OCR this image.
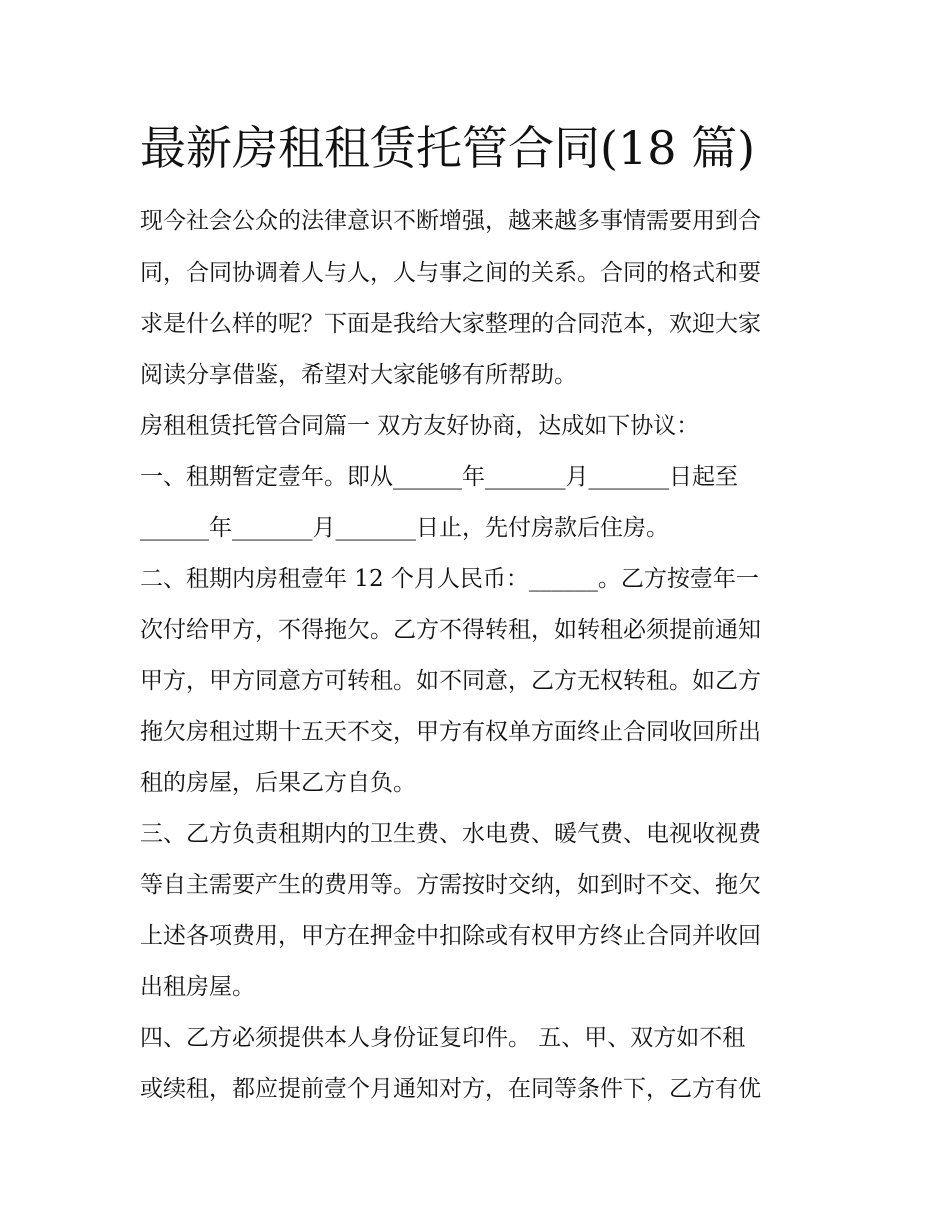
最新房租租赁托管合同(18 篇)

现今社会公众的法律意识不断增强，越来越多事情需要用到合

同，合同协调着人与人，人与事之间的关系。合同的格式和要

求是什么样的呢？下面是我给大家整理的合同范本，欢迎大家

阅读分享借鉴，希望对大家能够有所帮助。

房租租赁托管合同篇一 双方友好协商，达成如下协议：

一、租期暂定壹年。即从______年_______月_______日起至

______年_______月_______日止，先付房款后住房。

二、租期内房租壹年 12 个月人民币：______。乙方按壹年一

次付给甲方，不得拖欠。乙方不得转租，如转租必须提前通知

甲方，甲方同意方可转租。如不同意，乙方无权转租。如乙方

拖欠房租过期十五天不交，甲方有权单方面终止合同收回所出

租的房屋，后果乙方自负。

三、乙方负责租期内的卫生费、水电费、暖气费、电视收视费

等自主需要产生的费用等。方需按时交纳，如到时不交、拖欠

上述各项费用，甲方在押金中扣除或有权甲方终止合同并收回

出租房屋。

四、乙方必须提供本人身份证复印件。 五、甲、双方如不租

或续租，都应提前壹个月通知对方，在同等条件下，乙方有优
